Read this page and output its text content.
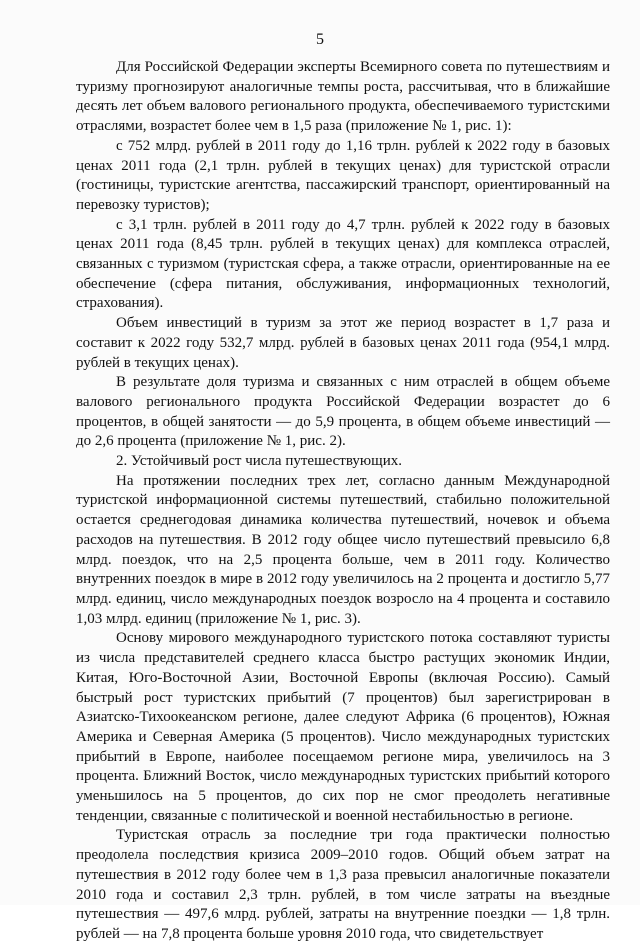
5

Для Российской Федерации эксперты Всемирного совета по путешествиям и туризму прогнозируют аналогичные темпы роста, рассчитывая, что в ближайшие десять лет объем валового регионального продукта, обеспечиваемого туристскими отраслями, возрастет более чем в 1,5 раза (приложение № 1, рис. 1):

с 752 млрд. рублей в 2011 году до 1,16 трлн. рублей к 2022 году в базовых ценах 2011 года (2,1 трлн. рублей в текущих ценах) для туристской отрасли (гостиницы, туристские агентства, пассажирский транспорт, ориентированный на перевозку туристов);

с 3,1 трлн. рублей в 2011 году до 4,7 трлн. рублей к 2022 году в базовых ценах 2011 года (8,45 трлн. рублей в текущих ценах) для комплекса отраслей, связанных с туризмом (туристская сфера, а также отрасли, ориентированные на ее обеспечение (сфера питания, обслуживания, информационных технологий, страхования).

Объем инвестиций в туризм за этот же период возрастет в 1,7 раза и составит к 2022 году 532,7 млрд. рублей в базовых ценах 2011 года (954,1 млрд. рублей в текущих ценах).

В результате доля туризма и связанных с ним отраслей в общем объеме валового регионального продукта Российской Федерации возрастет до 6 процентов, в общей занятости — до 5,9 процента, в общем объеме инвестиций — до 2,6 процента (приложение № 1, рис. 2).

2. Устойчивый рост числа путешествующих.

На протяжении последних трех лет, согласно данным Международной туристской информационной системы путешествий, стабильно положительной остается среднегодовая динамика количества путешествий, ночевок и объема расходов на путешествия. В 2012 году общее число путешествий превысило 6,8 млрд. поездок, что на 2,5 процента больше, чем в 2011 году. Количество внутренних поездок в мире в 2012 году увеличилось на 2 процента и достигло 5,77 млрд. единиц, число международных поездок возросло на 4 процента и составило 1,03 млрд. единиц (приложение № 1, рис. 3).

Основу мирового международного туристского потока составляют туристы из числа представителей среднего класса быстро растущих экономик Индии, Китая, Юго-Восточной Азии, Восточной Европы (включая Россию). Самый быстрый рост туристских прибытий (7 процентов) был зарегистрирован в Азиатско-Тихоокеанском регионе, далее следуют Африка (6 процентов), Южная Америка и Северная Америка (5 процентов). Число международных туристских прибытий в Европе, наиболее посещаемом регионе мира, увеличилось на 3 процента. Ближний Восток, число международных туристских прибытий которого уменьшилось на 5 процентов, до сих пор не смог преодолеть негативные тенденции, связанные с политической и военной нестабильностью в регионе.

Туристская отрасль за последние три года практически полностью преодолела последствия кризиса 2009–2010 годов. Общий объем затрат на путешествия в 2012 году более чем в 1,3 раза превысил аналогичные показатели 2010 года и составил 2,3 трлн. рублей, в том числе затраты на въездные путешествия — 497,6 млрд. рублей, затраты на внутренние поездки — 1,8 трлн. рублей — на 7,8 процента больше уровня 2010 года, что свидетельствует
